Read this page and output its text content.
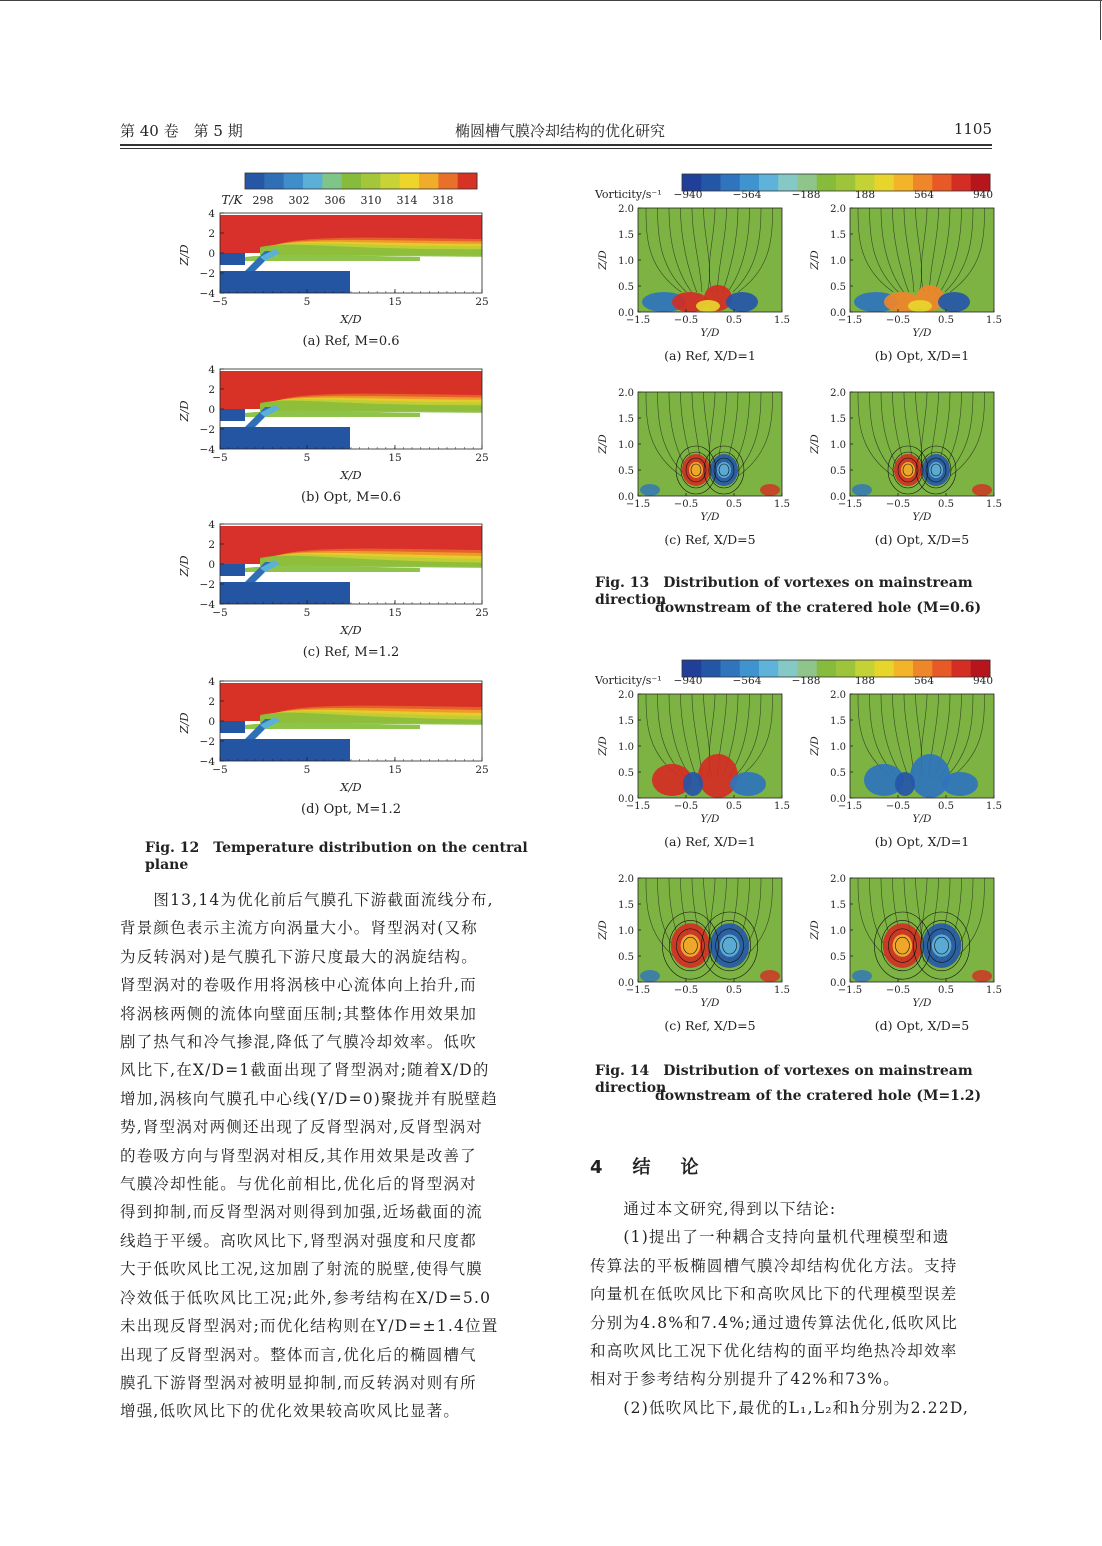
第 40 卷　第 5 期	椭圆槽气膜冷却结构的优化研究	1105
T/K 298 302 306 310 314 318
4
2
0
−2
−4
Z/D
−5	5	15	25
X/D
(a) Ref, M=0.6
4
2
0
−2
−4
Z/D
−5	5	15	25
X/D
(b) Opt, M=0.6
4
2
0
−2
−4
Z/D
−5	5	15	25
X/D
(c) Ref, M=1.2
4
2
0
−2
−4
Z/D
−5	5	15	25
X/D
(d) Opt, M=1.2
Fig. 12　Temperature distribution on the central plane
Vorticity/s⁻¹ −940	−564	−188	188	564	940
2.0
1.5
1.0
0.5
0.0
Z/D
−1.5 −0.5	0.5	1.5
Y/D
(a) Ref, X/D=1
2.0
1.5
1.0
0.5
0.0
Z/D
−1.5 −0.5	0.5	1.5
Y/D
(b) Opt, X/D=1
2.0
1.5
1.0
0.5
0.0
Z/D
−1.5 −0.5	0.5	1.5
Y/D
(c) Ref, X/D=5
2.0
1.5
1.0
0.5
0.0
Z/D
−1.5 −0.5	0.5	1.5
Y/D
(d) Opt, X/D=5
Fig. 13　Distribution of vortexes on mainstream direction
downstream of the cratered hole (M=0.6)
Vorticity/s⁻¹ −940	−564	−188	188	564	940
2.0
1.5
1.0
0.5
0.0
Z/D
−1.5 −0.5	0.5	1.5
Y/D
(a) Ref, X/D=1
2.0
1.5
1.0
0.5
0.0
Z/D
−1.5 −0.5	0.5	1.5
Y/D
(b) Opt, X/D=1
2.0
1.5
1.0
0.5
0.0
Z/D
−1.5 −0.5	0.5	1.5
Y/D
(c) Ref, X/D=5
2.0
1.5
1.0
0.5
0.0
Z/D
−1.5 −0.5	0.5	1.5
Y/D
(d) Opt, X/D=5
Fig. 14　Distribution of vortexes on mainstream direction
downstream of the cratered hole (M=1.2)
　　图13,14为优化前后气膜孔下游截面流线分布,
背景颜色表示主流方向涡量大小。肾型涡对(又称
为反转涡对)是气膜孔下游尺度最大的涡旋结构。
肾型涡对的卷吸作用将涡核中心流体向上抬升,而
将涡核两侧的流体向壁面压制;其整体作用效果加
剧了热气和冷气掺混,降低了气膜冷却效率。低吹
风比下,在X/D=1截面出现了肾型涡对;随着X/D的
增加,涡核向气膜孔中心线(Y/D=0)聚拢并有脱壁趋
势,肾型涡对两侧还出现了反肾型涡对,反肾型涡对
的卷吸方向与肾型涡对相反,其作用效果是改善了
气膜冷却性能。与优化前相比,优化后的肾型涡对
得到抑制,而反肾型涡对则得到加强,近场截面的流
线趋于平缓。高吹风比下,肾型涡对强度和尺度都
大于低吹风比工况,这加剧了射流的脱壁,使得气膜
冷效低于低吹风比工况;此外,参考结构在X/D=5.0
未出现反肾型涡对;而优化结构则在Y/D=±1.4位置
出现了反肾型涡对。整体而言,优化后的椭圆槽气
膜孔下游肾型涡对被明显抑制,而反转涡对则有所
增强,低吹风比下的优化效果较高吹风比显著。
4　结　论
　　通过本文研究,得到以下结论:
　　(1)提出了一种耦合支持向量机代理模型和遗
传算法的平板椭圆槽气膜冷却结构优化方法。支持
向量机在低吹风比下和高吹风比下的代理模型误差
分别为4.8%和7.4%;通过遗传算法优化,低吹风比
和高吹风比工况下优化结构的面平均绝热冷却效率
相对于参考结构分别提升了42%和73%。
　　(2)低吹风比下,最优的L₁,L₂和h分别为2.22D,
